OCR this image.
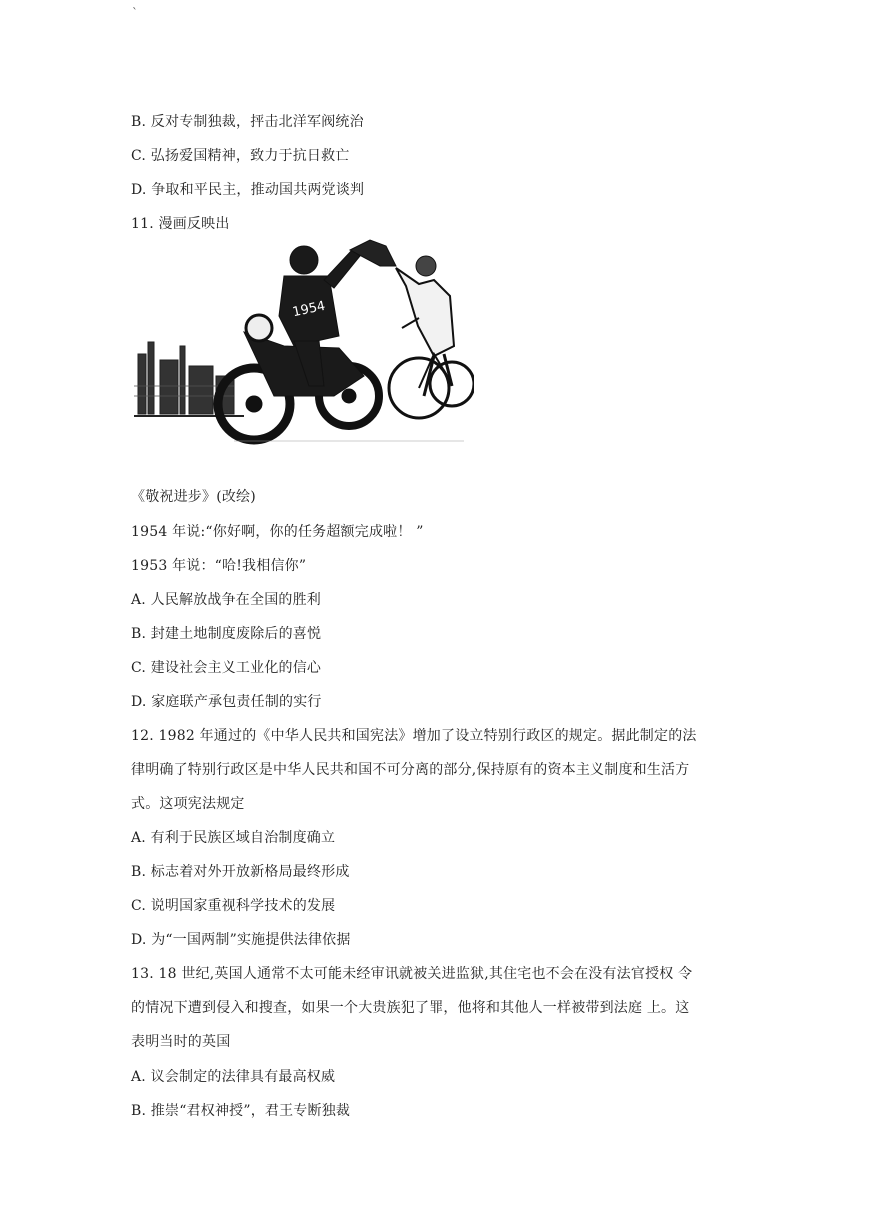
`
B. 反对专制独裁，抨击北洋军阀统治
C. 弘扬爱国精神，致力于抗日救亡
D. 争取和平民主，推动国共两党谈判
11. 漫画反映出
1954
《敬祝进步》(改绘)
1954 年说:“你好啊，你的任务超额完成啦！ ”
1953 年说：“哈!我相信你”
A. 人民解放战争在全国的胜利
B. 封建土地制度废除后的喜悦
C. 建设社会主义工业化的信心
D. 家庭联产承包责任制的实行
12. 1982 年通过的《中华人民共和国宪法》增加了设立特别行政区的规定。据此制定的法
律明确了特别行政区是中华人民共和国不可分离的部分,保持原有的资本主义制度和生活方
式。这项宪法规定
A. 有利于民族区域自治制度确立
B. 标志着对外开放新格局最终形成
C. 说明国家重视科学技术的发展
D. 为“一国两制”实施提供法律依据
13. 18 世纪,英国人通常不太可能未经审讯就被关进监狱,其住宅也不会在没有法官授权 令
的情况下遭到侵入和搜查，如果一个大贵族犯了罪，他将和其他人一样被带到法庭 上。这
表明当时的英国
A. 议会制定的法律具有最高权威
B. 推崇“君权神授”，君王专断独裁
